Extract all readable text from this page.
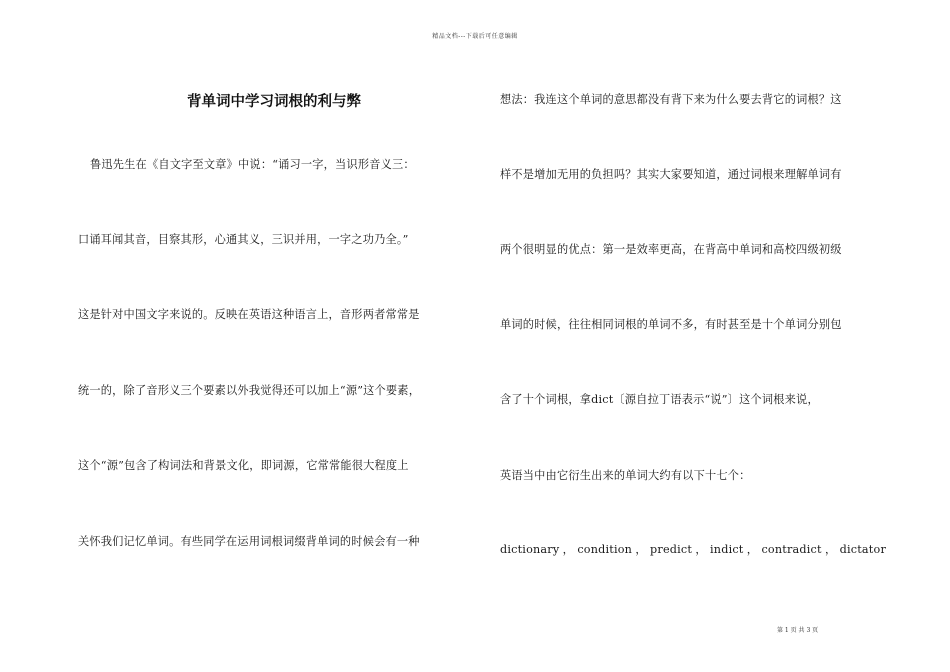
精品文档---下载后可任意编辑
背单词中学习词根的利与弊
鲁迅先生在《自文字至文章》中说：“诵习一字，当识形音义三：
口诵耳闻其音，目察其形，心通其义，三识并用，一字之功乃全。”
这是针对中国文字来说的。反映在英语这种语言上，音形两者常常是
统一的，除了音形义三个要素以外我觉得还可以加上“源”这个要素，
这个“源”包含了构词法和背景文化，即词源，它常常能很大程度上
关怀我们记忆单词。有些同学在运用词根词缀背单词的时候会有一种
想法：我连这个单词的意思都没有背下来为什么要去背它的词根？这
样不是增加无用的负担吗？其实大家要知道，通过词根来理解单词有
两个很明显的优点：第一是效率更高，在背高中单词和高校四级初级
单词的时候，往往相同词根的单词不多，有时甚至是十个单词分别包
含了十个词根，拿dict〔源自拉丁语表示“说”〕这个词根来说，
英语当中由它衍生出来的单词大约有以下十七个：
dictionary，condition，predict，indict，contradict，dictator
第 1 页 共 3 页
